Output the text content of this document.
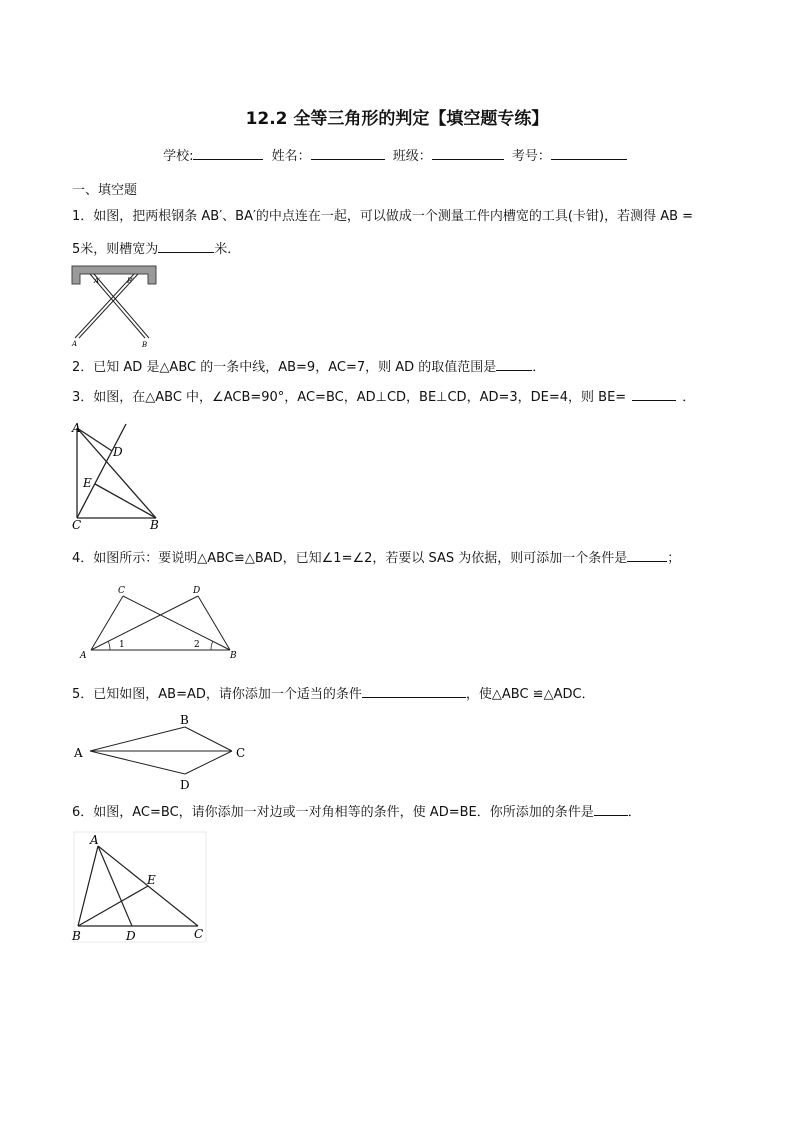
12.2 全等三角形的判定【填空题专练】
学校:	姓名：	班级：	考号：
一、填空题
1．如图，把两根钢条 AB′、BA′的中点连在一起，可以做成一个测量工件内槽宽的工具(卡钳)，若测得 AB =
5米，则槽宽为	米．
A′	B′
A	B
2．已知 AD 是△ABC 的一条中线，AB=9，AC=7，则 AD 的取值范围是	．
3．如图，在△ABC 中，∠ACB=90°，AC=BC，AD⊥CD，BE⊥CD，AD=3，DE=4，则 BE=	．
A
D
E
C	B
4．如图所示：要说明△ABC≌△BAD，已知∠1=∠2，若要以 SAS 为依据，则可添加一个条件是	；
C	D
A	B
1	2
5．已知如图，AB=AD，请你添加一个适当的条件	，使△ABC ≌△ADC．
A
B
C
D
6．如图，AC=BC，请你添加一对边或一对角相等的条件，使 AD=BE．你所添加的条件是	．
A
E
B	D	C
